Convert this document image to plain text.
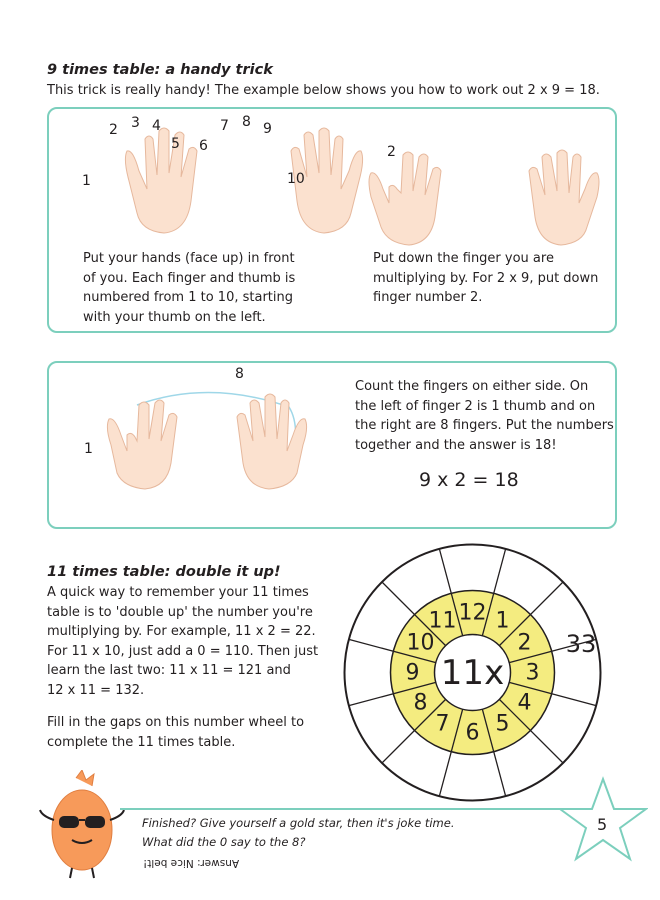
9 times table: a handy trick
This trick is really handy! The example below shows you how to work out 2 x 9 = 18.
1
2 3 4
5 6
7 8 9
10
Put your hands (face up) in front
of you. Each finger and thumb is
numbered from 1 to 10, starting
with your thumb on the left.
2
Put down the finger you are
multiplying by. For 2 x 9, put down
finger number 2.
1
8
Count the fingers on either side. On
the left of finger 2 is 1 thumb and on
the right are 8 fingers. Put the numbers
together and the answer is 18!
9 x 2 = 18
11 times table: double it up!
A quick way to remember your 11 times
table is to 'double up' the number you're
multiplying by. For example, 11 x 2 = 22.
For 11 x 10, just add a 0 = 110. Then just
learn the last two: 11 x 11 = 121 and
12 x 11 = 132.
Fill in the gaps on this number wheel to
complete the 11 times table.
11x
12 1
2
3
4
5
6
7
8
9
10
11
33
Finished? Give yourself a gold star, then it's joke time.
What did the 0 say to the 8?
Answer: Nice belt!
5
